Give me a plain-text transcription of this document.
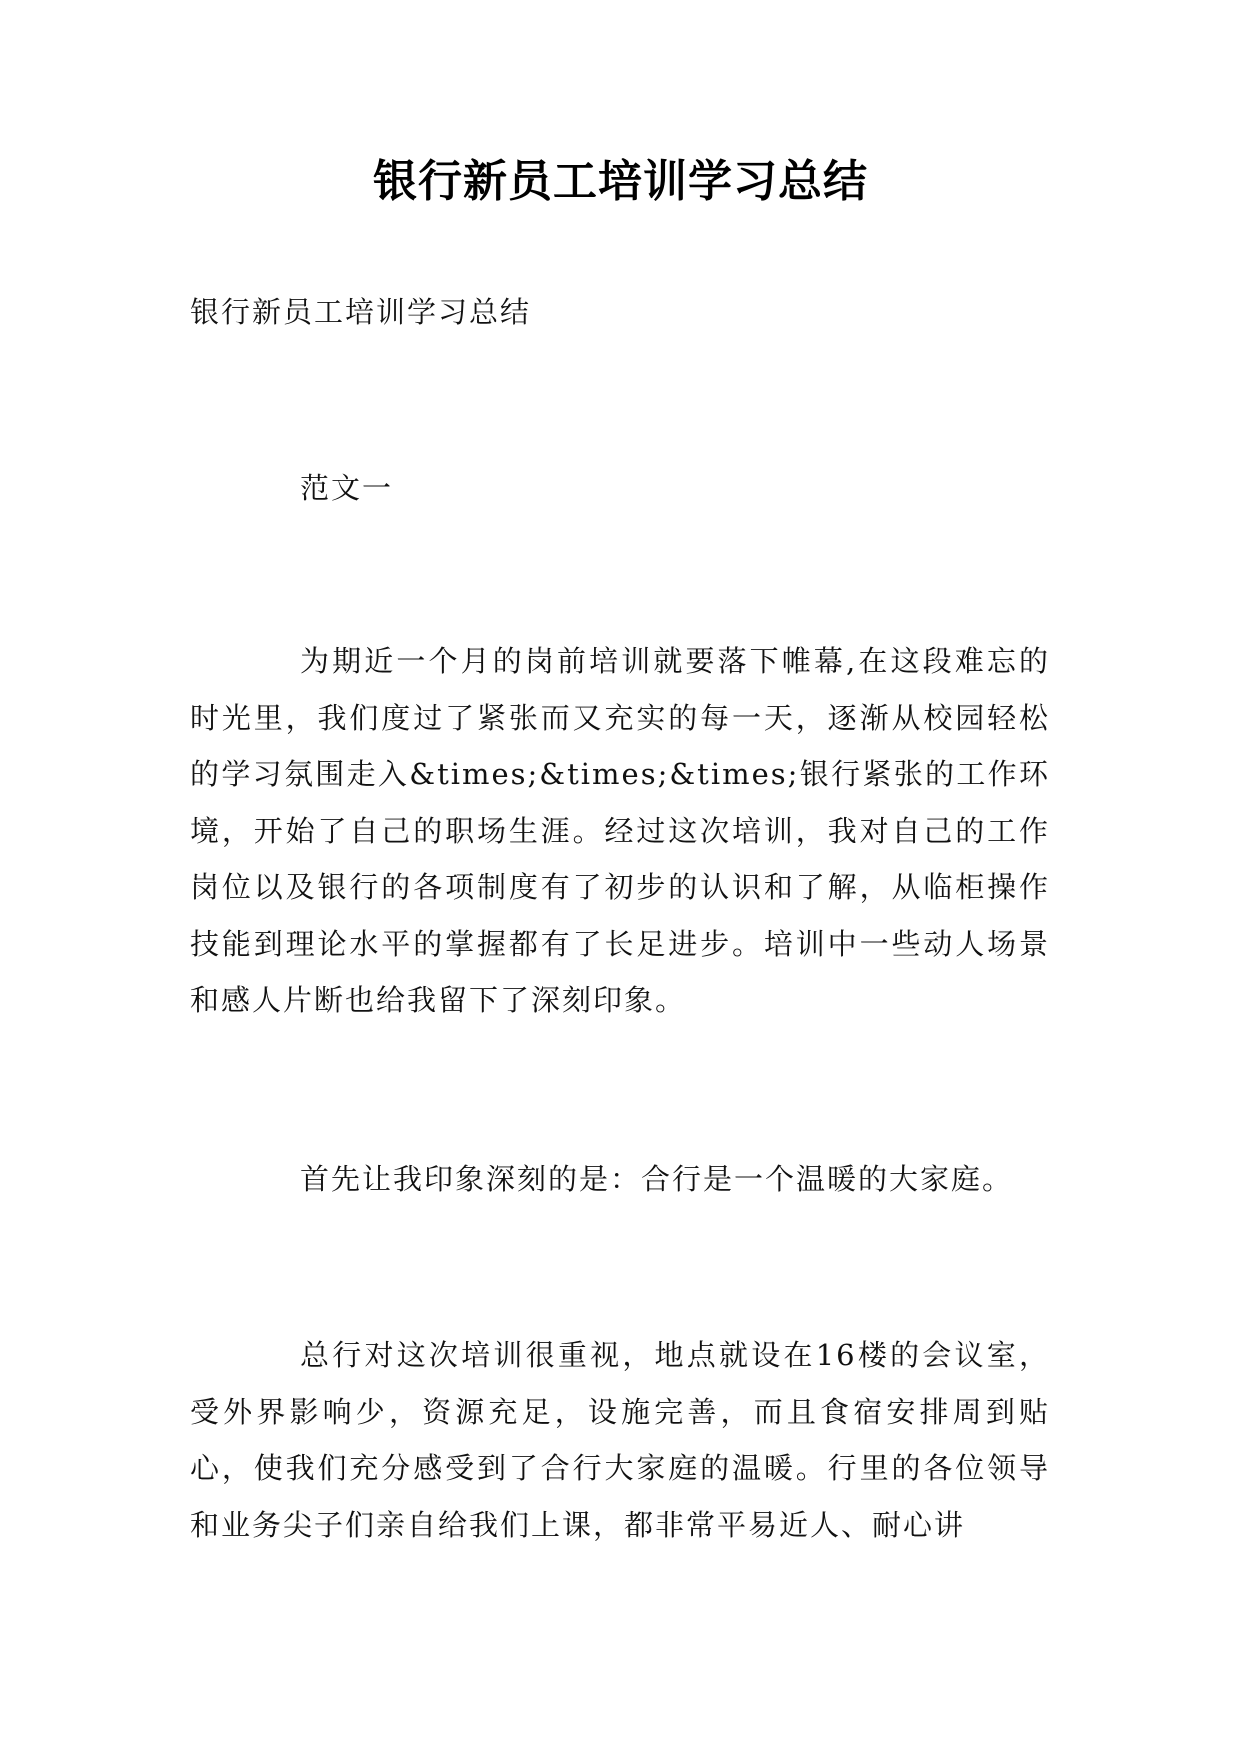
银行新员工培训学习总结
银行新员工培训学习总结
范文一

为期近一个月的岗前培训就要落下帷幕,在这段难忘的时光里，我们度过了紧张而又充实的每一天，逐渐从校园轻松的学习氛围走入&times;&times;&times;银行紧张的工作环境，开始了自己的职场生涯。经过这次培训，我对自己的工作岗位以及银行的各项制度有了初步的认识和了解，从临柜操作技能到理论水平的掌握都有了长足进步。培训中一些动人场景和感人片断也给我留下了深刻印象。

首先让我印象深刻的是：合行是一个温暖的大家庭。

总行对这次培训很重视，地点就设在16楼的会议室，受外界影响少，资源充足，设施完善，而且食宿安排周到贴心，使我们充分感受到了合行大家庭的温暖。行里的各位领导和业务尖子们亲自给我们上课，都非常平易近人、耐心讲
